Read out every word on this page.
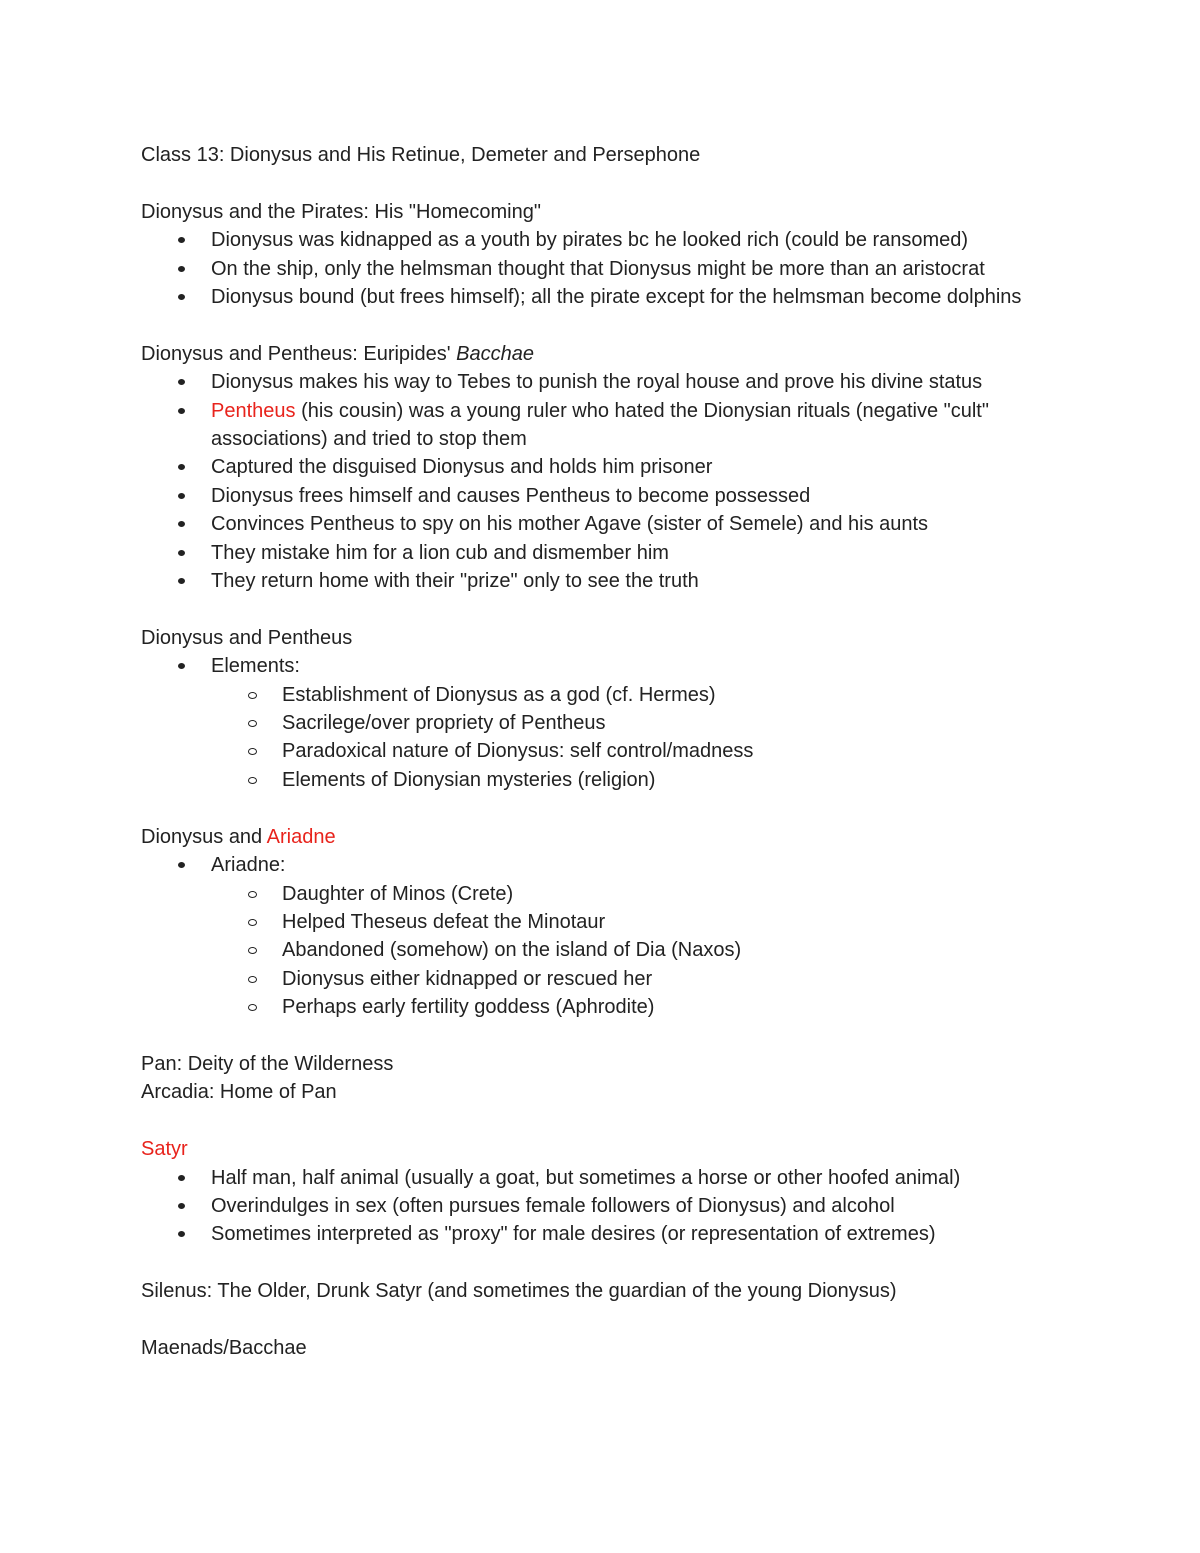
Class 13: Dionysus and His Retinue, Demeter and Persephone

Dionysus and the Pirates: His "Homecoming"

Dionysus was kidnapped as a youth by pirates bc he looked rich (could be ransomed)
On the ship, only the helmsman thought that Dionysus might be more than an aristocrat
Dionysus bound (but frees himself); all the pirate except for the helmsman become dolphins

Dionysus and Pentheus: Euripides' Bacchae

Dionysus makes his way to Tebes to punish the royal house and prove his divine status
Pentheus (his cousin) was a young ruler who hated the Dionysian rituals (negative "cult" associations) and tried to stop them
Captured the disguised Dionysus and holds him prisoner
Dionysus frees himself and causes Pentheus to become possessed
Convinces Pentheus to spy on his mother Agave (sister of Semele) and his aunts
They mistake him for a lion cub and dismember him
They return home with their "prize" only to see the truth

Dionysus and Pentheus

Elements:
Establishment of Dionysus as a god (cf. Hermes)
Sacrilege/over propriety of Pentheus
Paradoxical nature of Dionysus: self control/madness
Elements of Dionysian mysteries (religion)

Dionysus and Ariadne

Ariadne:
Daughter of Minos (Crete)
Helped Theseus defeat the Minotaur
Abandoned (somehow) on the island of Dia (Naxos)
Dionysus either kidnapped or rescued her
Perhaps early fertility goddess (Aphrodite)

Pan: Deity of the Wilderness

Arcadia: Home of Pan

Satyr

Half man, half animal (usually a goat, but sometimes a horse or other hoofed animal)
Overindulges in sex (often pursues female followers of Dionysus) and alcohol
Sometimes interpreted as "proxy" for male desires (or representation of extremes)

Silenus: The Older, Drunk Satyr (and sometimes the guardian of the young Dionysus)

Maenads/Bacchae
